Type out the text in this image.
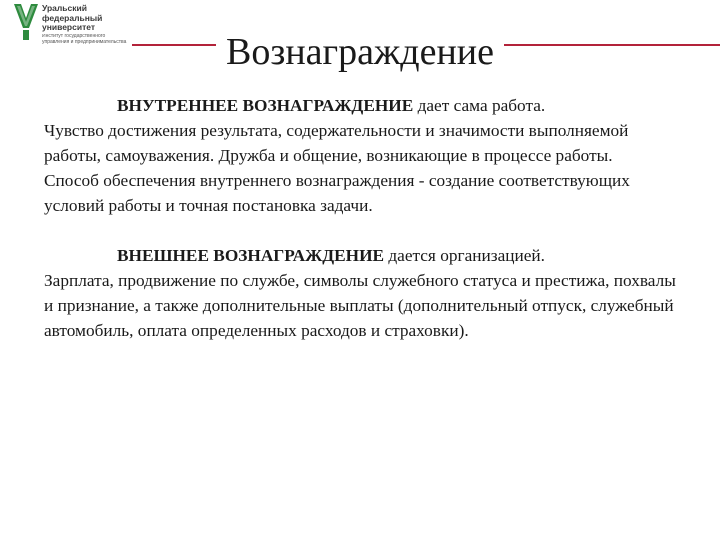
Уральский
федеральный
университет
Институт государственного
управления и предпринимательства	Вознаграждение

ВНУТРЕННЕЕ ВОЗНАГРАЖДЕНИЕ дает сама работа.

Чувство достижения результата, содержательности и значимости выполняемой работы, самоуважения. Дружба и общение, возникающие в процессе работы.

Способ обеспечения внутреннего вознаграждения - создание соответствующих условий работы и точная постановка задачи.

ВНЕШНЕЕ ВОЗНАГРАЖДЕНИЕ дается организацией.

Зарплата, продвижение по службе, символы служебного статуса и престижа, похвалы и признание, а также дополнительные выплаты (дополнительный отпуск, служебный автомобиль, оплата определенных расходов и страховки).
